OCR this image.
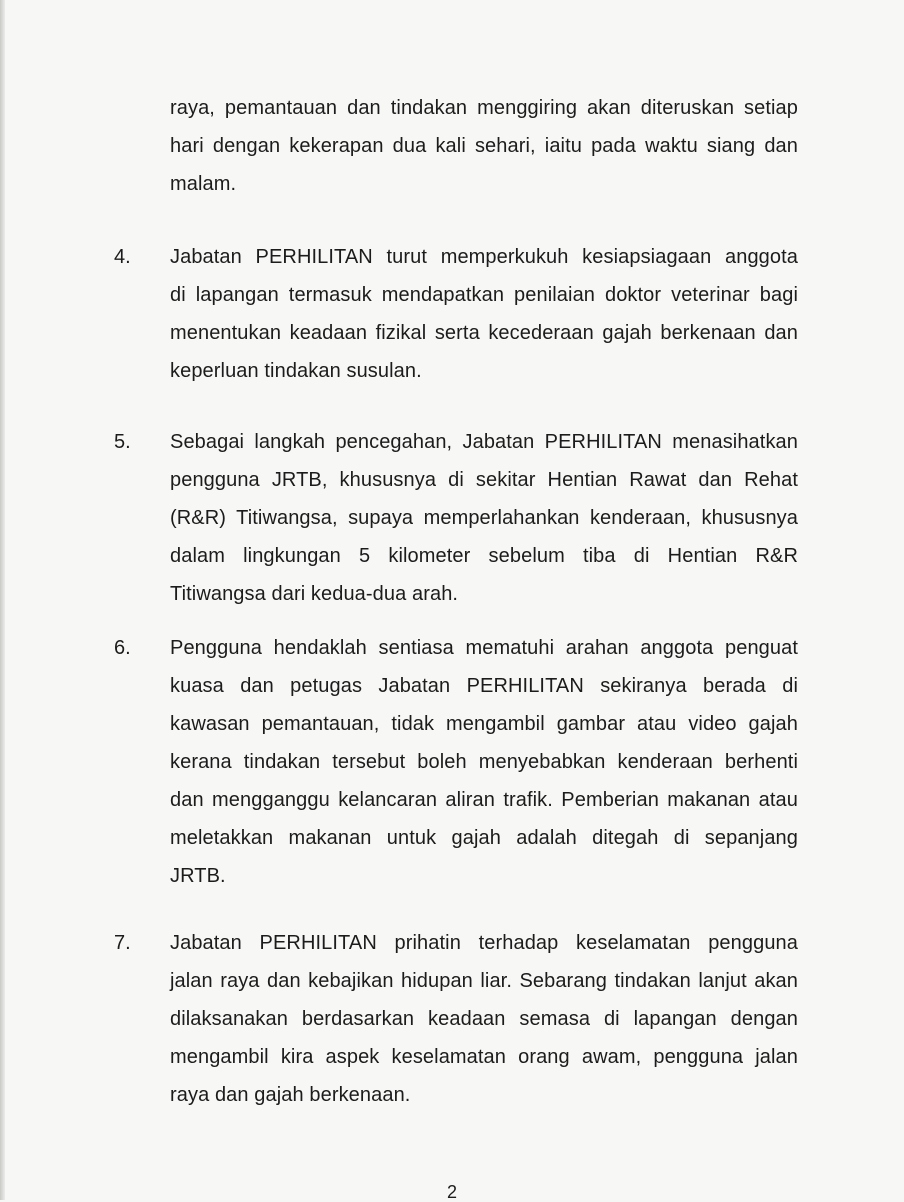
raya, pemantauan dan tindakan menggiring akan diteruskan setiap
hari dengan kekerapan dua kali sehari, iaitu pada waktu siang dan
malam.
4. Jabatan PERHILITAN turut memperkukuh kesiapsiagaan anggota
di lapangan termasuk mendapatkan penilaian doktor veterinar bagi
menentukan keadaan fizikal serta kecederaan gajah berkenaan dan
keperluan tindakan susulan.
5. Sebagai langkah pencegahan, Jabatan PERHILITAN menasihatkan
pengguna JRTB, khususnya di sekitar Hentian Rawat dan Rehat
(R&R) Titiwangsa, supaya memperlahankan kenderaan, khususnya
dalam lingkungan 5 kilometer sebelum tiba di Hentian R&R
Titiwangsa dari kedua-dua arah.
6. Pengguna hendaklah sentiasa mematuhi arahan anggota penguat
kuasa dan petugas Jabatan PERHILITAN sekiranya berada di
kawasan pemantauan, tidak mengambil gambar atau video gajah
kerana tindakan tersebut boleh menyebabkan kenderaan berhenti
dan mengganggu kelancaran aliran trafik. Pemberian makanan atau
meletakkan makanan untuk gajah adalah ditegah di sepanjang
JRTB.
7. Jabatan PERHILITAN prihatin terhadap keselamatan pengguna
jalan raya dan kebajikan hidupan liar. Sebarang tindakan lanjut akan
dilaksanakan berdasarkan keadaan semasa di lapangan dengan
mengambil kira aspek keselamatan orang awam, pengguna jalan
raya dan gajah berkenaan.
2
